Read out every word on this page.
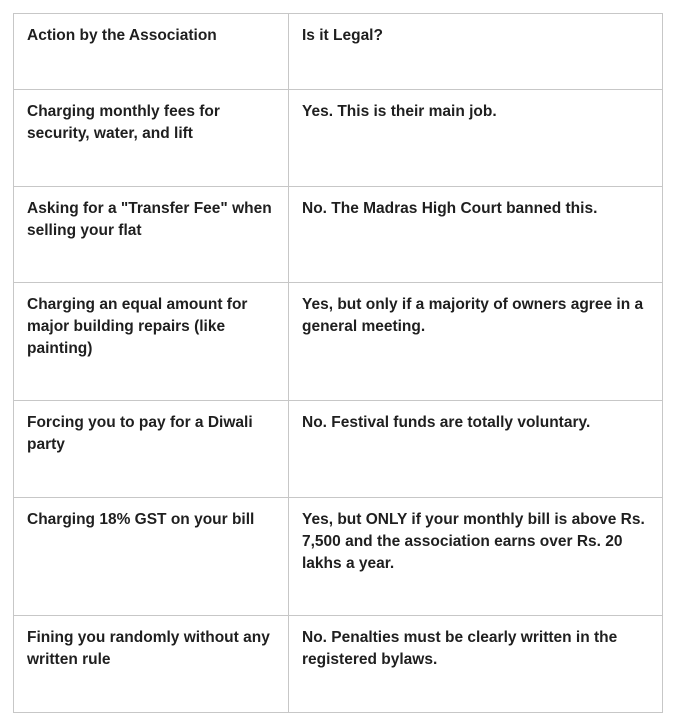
Action by the Association	Is it Legal?
Charging monthly fees for security, water, and lift	Yes. This is their main job.
Asking for a "Transfer Fee" when selling your flat	No. The Madras High Court banned this.
Charging an equal amount for major building repairs (like painting)	Yes, but only if a majority of owners agree in a general meeting.
Forcing you to pay for a Diwali party	No. Festival funds are totally voluntary.
Charging 18% GST on your bill	Yes, but ONLY if your monthly bill is above Rs. 7,500 and the association earns over Rs. 20 lakhs a year.
Fining you randomly without any written rule	No. Penalties must be clearly written in the registered bylaws.
